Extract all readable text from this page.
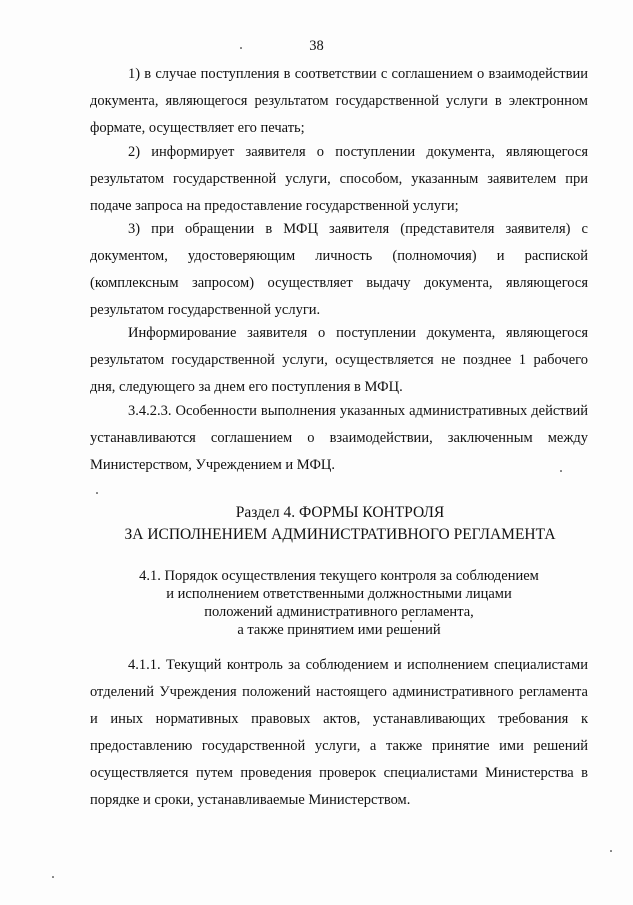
38

1) в случае поступления в соответствии с соглашением о взаимодействии документа, являющегося результатом государственной услуги в электронном формате, осуществляет его печать;

2) информирует заявителя о поступлении документа, являющегося результатом государственной услуги, способом, указанным заявителем при подаче запроса на предоставление государственной услуги;

3) при обращении в МФЦ заявителя (представителя заявителя) с документом, удостоверяющим личность (полномочия) и распиской (комплексным запросом) осуществляет выдачу документа, являющегося результатом государственной услуги.

Информирование заявителя о поступлении документа, являющегося результатом государственной услуги, осуществляется не позднее 1 рабочего дня, следующего за днем его поступления в МФЦ.

3.4.2.3. Особенности выполнения указанных административных действий устанавливаются соглашением о взаимодействии, заключенным между Министерством, Учреждением и МФЦ.

Раздел 4. ФОРМЫ КОНТРОЛЯ
ЗА ИСПОЛНЕНИЕМ АДМИНИСТРАТИВНОГО РЕГЛАМЕНТА
4.1. Порядок осуществления текущего контроля за соблюдением
и исполнением ответственными должностными лицами
положений административного регламента,
а также принятием ими решений

4.1.1. Текущий контроль за соблюдением и исполнением специалистами отделений Учреждения положений настоящего административного регламента и иных нормативных правовых актов, устанавливающих требования к предоставлению государственной услуги, а также принятие ими решений осуществляется путем проведения проверок специалистами Министерства в порядке и сроки, устанавливаемые Министерством.
